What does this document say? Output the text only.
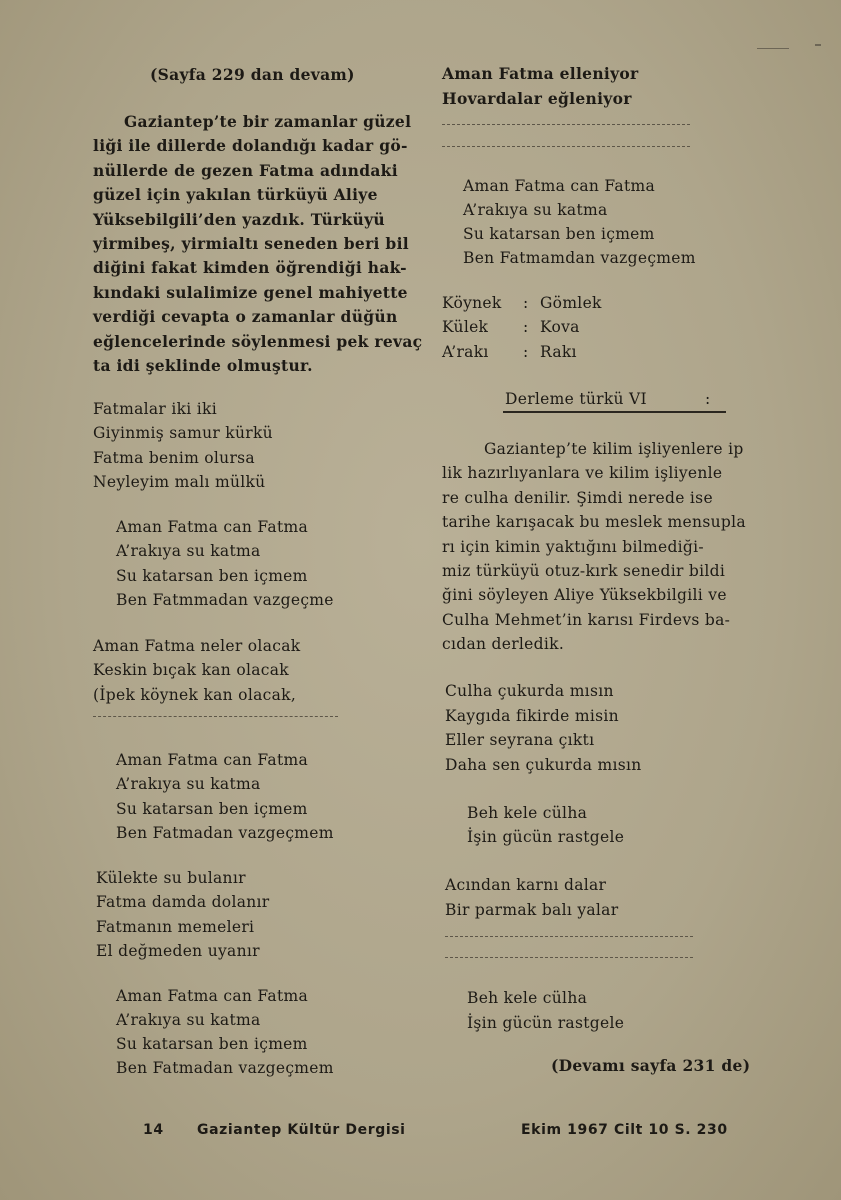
(Sayfa 229 dan devam)
Gaziantep’te bir zamanlar güzel
liği ile dillerde dolandığı kadar gö-
nüllerde de gezen Fatma adındaki
güzel için yakılan türküyü Aliye
Yüksebilgili’den yazdık. Türküyü
yirmibeş, yirmialtı seneden beri bil
diğini fakat kimden öğrendiği hak-
kındaki sulalimize genel mahiyette
verdiği cevapta o zamanlar düğün
eğlencelerinde söylenmesi pek revaç
ta idi şeklinde olmuştur.
Fatmalar iki iki
Giyinmiş samur kürkü
Fatma benim olursa
Neyleyim malı mülkü
Aman Fatma can Fatma
A’rakıya su katma
Su katarsan ben içmem
Ben Fatmmadan vazgeçme
Aman Fatma neler olacak
Keskin bıçak kan olacak
(İpek köynek kan olacak,
Aman Fatma can Fatma
A’rakıya su katma
Su katarsan ben içmem
Ben Fatmadan vazgeçmem
Külekte su bulanır
Fatma damda dolanır
Fatmanın memeleri
El değmeden uyanır
Aman Fatma can Fatma
A’rakıya su katma
Su katarsan ben içmem
Ben Fatmadan vazgeçmem
Aman Fatma elleniyor
Hovardalar eğleniyor
Aman Fatma can Fatma
A’rakıya su katma
Su katarsan ben içmem
Ben Fatmamdan vazgeçmem
Köynek : Gömlek
Külek : Kova
A’rakı : Rakı
Derleme türkü VI	:
Gaziantep’te kilim işliyenlere ip
lik hazırlıyanlara ve kilim işliyenle
re culha denilir. Şimdi nerede ise
tarihe karışacak bu meslek mensupla
rı için kimin yaktığını bilmediği-
miz türküyü otuz-kırk senedir bildi
ğini söyleyen Aliye Yüksekbilgili ve
Culha Mehmet’in karısı Firdevs ba-
cıdan derledik.
Culha çukurda mısın
Kaygıda fikirde misin
Eller seyrana çıktı
Daha sen çukurda mısın
Beh kele cülha
İşin gücün rastgele
Acından karnı dalar
Bir parmak balı yalar
Beh kele cülha
İşin gücün rastgele
(Devamı sayfa 231 de)
14 Gaziantep Kültür Dergisi	Ekim 1967 Cilt 10 S. 230
